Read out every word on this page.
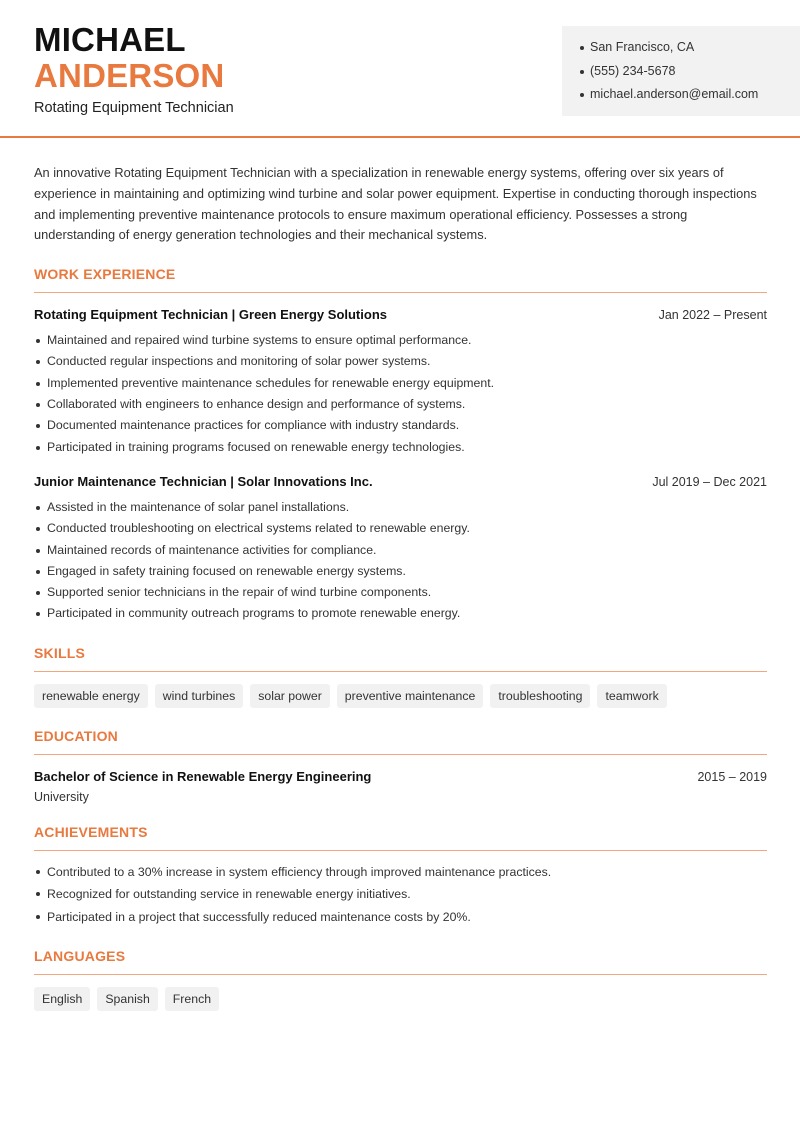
MICHAEL
ANDERSON
Rotating Equipment Technician
San Francisco, CA
(555) 234-5678
michael.anderson@email.com

An innovative Rotating Equipment Technician with a specialization in renewable energy systems, offering over six years of experience in maintaining and optimizing wind turbine and solar power equipment. Expertise in conducting thorough inspections and implementing preventive maintenance protocols to ensure maximum operational efficiency. Possesses a strong understanding of energy generation technologies and their mechanical systems.

WORK EXPERIENCE
Rotating Equipment Technician | Green Energy Solutions	Jan 2022 – Present
Maintained and repaired wind turbine systems to ensure optimal performance.
Conducted regular inspections and monitoring of solar power systems.
Implemented preventive maintenance schedules for renewable energy equipment.
Collaborated with engineers to enhance design and performance of systems.
Documented maintenance practices for compliance with industry standards.
Participated in training programs focused on renewable energy technologies.
Junior Maintenance Technician | Solar Innovations Inc.	Jul 2019 – Dec 2021
Assisted in the maintenance of solar panel installations.
Conducted troubleshooting on electrical systems related to renewable energy.
Maintained records of maintenance activities for compliance.
Engaged in safety training focused on renewable energy systems.
Supported senior technicians in the repair of wind turbine components.
Participated in community outreach programs to promote renewable energy.
SKILLS
renewable energy	wind turbines	solar power	preventive maintenance	troubleshooting	teamwork
EDUCATION
Bachelor of Science in Renewable Energy Engineering	2015 – 2019
University
ACHIEVEMENTS
Contributed to a 30% increase in system efficiency through improved maintenance practices.
Recognized for outstanding service in renewable energy initiatives.
Participated in a project that successfully reduced maintenance costs by 20%.
LANGUAGES
English	Spanish	French
